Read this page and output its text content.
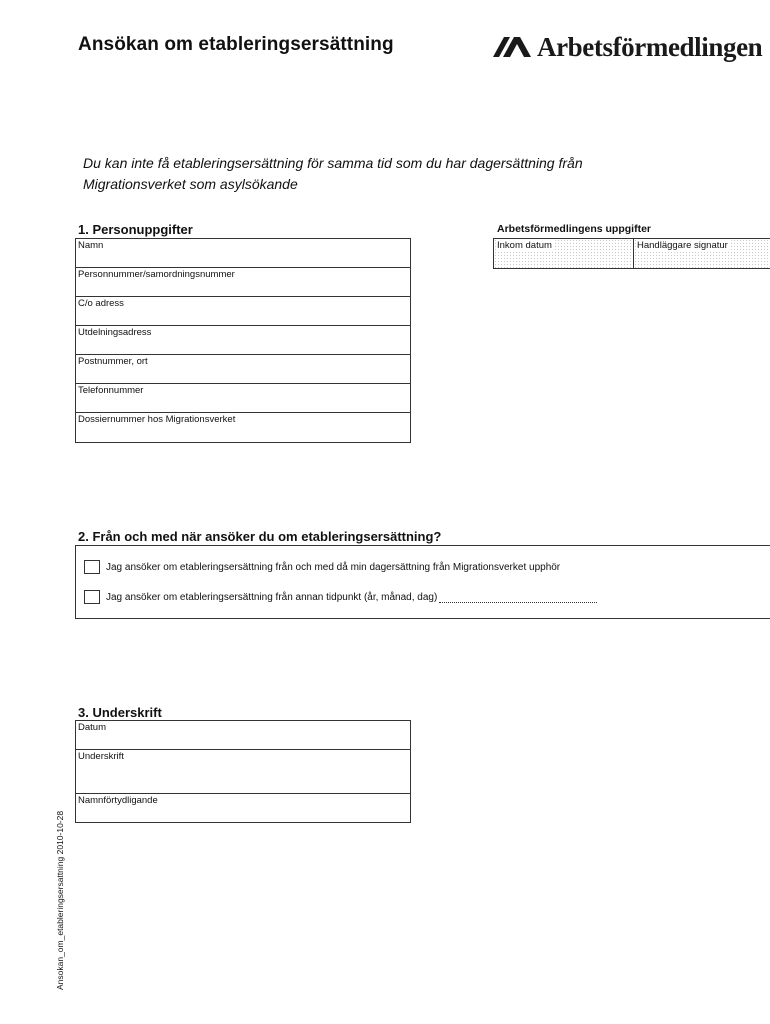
Ansökan om etableringsersättning	Arbetsförmedlingen
Du kan inte få etableringsersättning för samma tid som du har dagersättning från
Migrationsverket som asylsökande
1. Personuppgifter
Namn
Personnummer/samordningsnummer
C/o adress
Utdelningsadress
Postnummer, ort
Telefonnummer
Dossiernummer hos Migrationsverket
Arbetsförmedlingens uppgifter
Inkom datum	Handläggare signatur
2. Från och med när ansöker du om etableringsersättning?
Jag ansöker om etableringsersättning från och med då min dagersättning från Migrationsverket upphör
Jag ansöker om etableringsersättning från annan tidpunkt (år, månad, dag)
3. Underskrift
Datum
Underskrift
Namnförtydligande
Ansokan_om_etableringsersattning 2010-10-28
